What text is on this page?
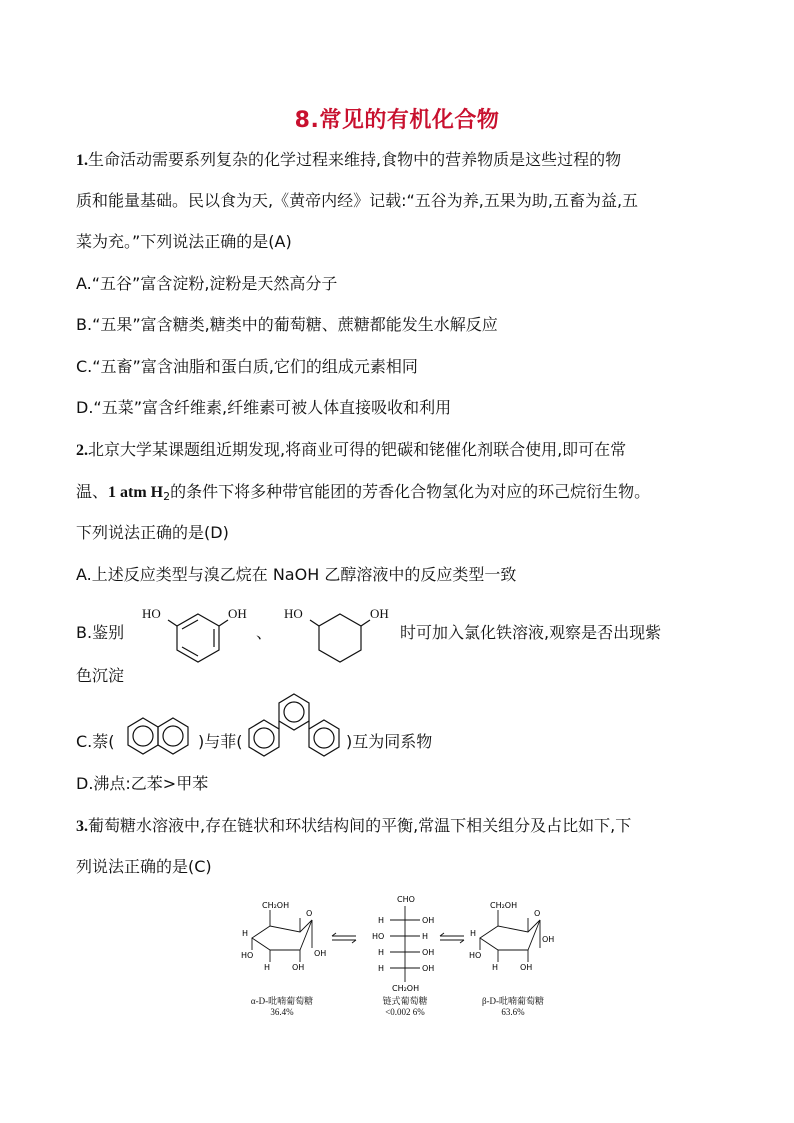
8.常见的有机化合物
1.生命活动需要系列复杂的化学过程来维持,食物中的营养物质是这些过程的物
质和能量基础。民以食为天,《黄帝内经》记载:“五谷为养,五果为助,五畜为益,五
菜为充。”下列说法正确的是(A)
A.“五谷”富含淀粉,淀粉是天然高分子
B.“五果”富含糖类,糖类中的葡萄糖、蔗糖都能发生水解反应
C.“五畜”富含油脂和蛋白质,它们的组成元素相同
D.“五菜”富含纤维素,纤维素可被人体直接吸收和利用
2.北京大学某课题组近期发现,将商业可得的钯碳和铑催化剂联合使用,即可在常
温、1 atm $H_2$的条件下将多种带官能团的芳香化合物氢化为对应的环己烷衍生物。
下列说法正确的是(D)
A.上述反应类型与溴乙烷在 NaOH 乙醇溶液中的反应类型一致
B.鉴别	、	时可加入氯化铁溶液,观察是否出现紫
色沉淀
HO	OH	HO	OH
C.萘(	)与菲(	)互为同系物
D.沸点:乙苯>甲苯
3.葡萄糖水溶液中,存在链状和环状结构间的平衡,常温下相关组分及占比如下,下
列说法正确的是(C)
CH₂OH
O
H
HO
H	OH
OH
CHO
H	OH
HO	H
H	OH
H	OH
CH₂OH
CH₂OH
O
H
HO
H	OH
OH
α-D-吡喃葡萄糖
36.4%
链式葡萄糖
<0.002 6%
β-D-吡喃葡萄糖
63.6%
